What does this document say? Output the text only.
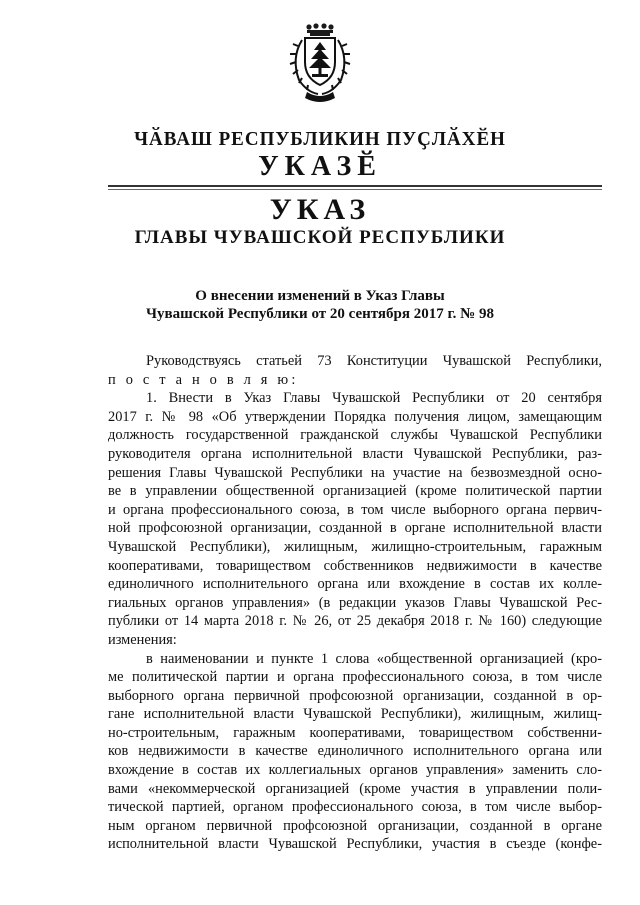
ЧӐВАШ РЕСПУБЛИКИН ПУҪЛӐХӖН
УКАЗӖ
УКАЗ
ГЛАВЫ ЧУВАШСКОЙ РЕСПУБЛИКИ
О внесении изменений в Указ Главы
Чувашской Республики от 20 сентября 2017 г. № 98
Руководствуясь статьей 73 Конституции Чувашской Республики,
п о с т а н о в л я ю:
1. Внести в Указ Главы Чувашской Республики от 20 сентября
2017 г. № 98 «Об утверждении Порядка получения лицом, замещающим
должность государственной гражданской службы Чувашской Республики
руководителя органа исполнительной власти Чувашской Республики, раз-
решения Главы Чувашской Республики на участие на безвозмездной осно-
ве в управлении общественной организацией (кроме политической партии
и органа профессионального союза, в том числе выборного органа первич-
ной профсоюзной организации, созданной в органе исполнительной власти
Чувашской Республики), жилищным, жилищно-строительным, гаражным
кооперативами, товариществом собственников недвижимости в качестве
единоличного исполнительного органа или вхождение в состав их колле-
гиальных органов управления» (в редакции указов Главы Чувашской Рес-
публики от 14 марта 2018 г. № 26, от 25 декабря 2018 г. № 160) следующие
изменения:
в наименовании и пункте 1 слова «общественной организацией (кро-
ме политической партии и органа профессионального союза, в том числе
выборного органа первичной профсоюзной организации, созданной в ор-
гане исполнительной власти Чувашской Республики), жилищным, жилищ-
но-строительным, гаражным кооперативами, товариществом собственни-
ков недвижимости в качестве единоличного исполнительного органа или
вхождение в состав их коллегиальных органов управления» заменить сло-
вами «некоммерческой организацией (кроме участия в управлении поли-
тической партией, органом профессионального союза, в том числе выбор-
ным органом первичной профсоюзной организации, созданной в органе
исполнительной власти Чувашской Республики, участия в съезде (конфе-
